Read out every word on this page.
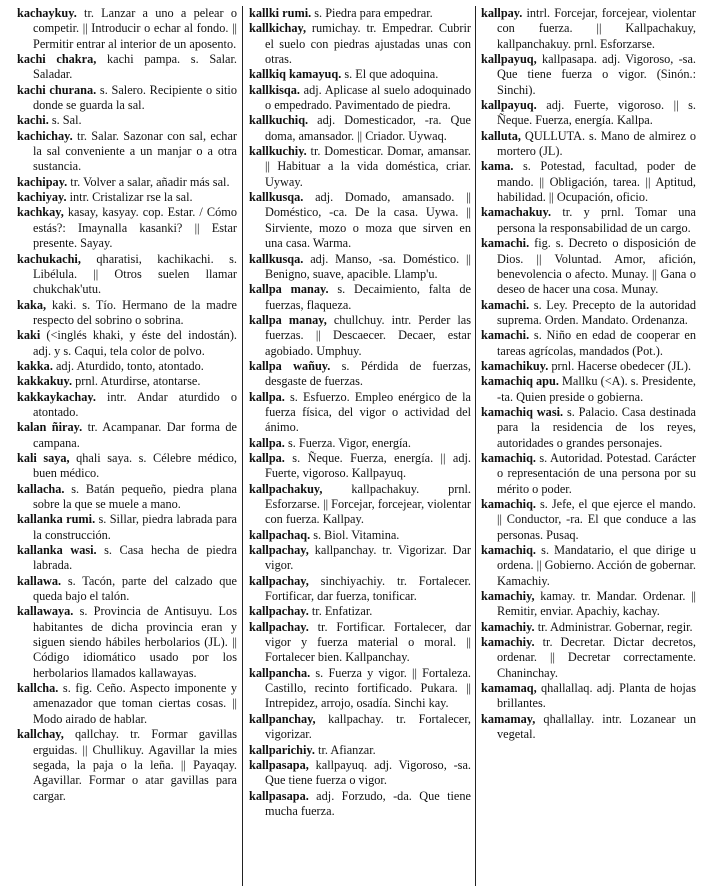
kachaykuy. tr. Lanzar a uno a pelear o competir. || Introducir o echar al fondo. || Permitir entrar al interior de un aposento.

kachi chakra, kachi pampa. s. Salar. Saladar.

kachi churana. s. Salero. Recipiente o sitio donde se guarda la sal.

kachi. s. Sal.

kachichay. tr. Salar. Sazonar con sal, echar la sal conveniente a un manjar o a otra sustancia.

kachipay. tr. Volver a salar, añadir más sal.

kachiyay. intr. Cristalizar rse la sal.

kachkay, kasay, kasyay. cop. Estar. / Cómo estás?: Imaynalla kasanki? || Estar presente. Sayay.

kachukachi, qharatisi, kachikachi. s. Libélula. || Otros suelen llamar chukchak'utu.

kaka, kaki. s. Tío. Hermano de la madre respecto del sobrino o sobrina.

kaki (<inglés khaki, y éste del indostán). adj. y s. Caqui, tela color de polvo.

kakka. adj. Aturdido, tonto, atontado.

kakkakuy. prnl. Aturdirse, atontarse.

kakkaykachay. intr. Andar aturdido o atontado.

kalan ñiray. tr. Acampanar. Dar forma de campana.

kali saya, qhali saya. s. Célebre médico, buen médico.

kallacha. s. Batán pequeño, piedra plana sobre la que se muele a mano.

kallanka rumi. s. Sillar, piedra labrada para la construcción.

kallanka wasi. s. Casa hecha de piedra labrada.

kallawa. s. Tacón, parte del calzado que queda bajo el talón.

kallawaya. s. Provincia de Antisuyu. Los habitantes de dicha provincia eran y siguen siendo hábiles herbolarios (JL). || Código idiomático usado por los herbolarios llamados kallawayas.

kallcha. s. fig. Ceño. Aspecto imponente y amenazador que toman ciertas cosas. || Modo airado de hablar.

kallchay, qallchay. tr. Formar gavillas erguidas. || Chullikuy. Agavillar la mies segada, la paja o la leña. || Payaqay. Agavillar. Formar o atar gavillas para cargar.

kallki rumi. s. Piedra para empedrar.

kallkichay, rumichay. tr. Empedrar. Cubrir el suelo con piedras ajustadas unas con otras.

kallkiq kamayuq. s. El que adoquina.

kallkisqa. adj. Aplicase al suelo adoquinado o empedrado. Pavimentado de piedra.

kallkuchiq. adj. Domesticador, -ra. Que doma, amansador. || Criador. Uywaq.

kallkuchiy. tr. Domesticar. Domar, amansar. || Habituar a la vida doméstica, criar. Uyway.

kallkusqa. adj. Domado, amansado. || Doméstico, -ca. De la casa. Uywa. || Sirviente, mozo o moza que sirven en una casa. Warma.

kallkusqa. adj. Manso, -sa. Doméstico. || Benigno, suave, apacible. Llamp'u.

kallpa manay. s. Decaimiento, falta de fuerzas, flaqueza.

kallpa manay, chullchuy. intr. Perder las fuerzas. || Descaecer. Decaer, estar agobiado. Umphuy.

kallpa wañuy. s. Pérdida de fuerzas, desgaste de fuerzas.

kallpa. s. Esfuerzo. Empleo enérgico de la fuerza física, del vigor o actividad del ánimo.

kallpa. s. Fuerza. Vigor, energía.

kallpa. s. Ñeque. Fuerza, energía. || adj. Fuerte, vigoroso. Kallpayuq.

kallpachakuy, kallpachakuy. prnl. Esforzarse. || Forcejar, forcejear, violentar con fuerza. Kallpay.

kallpachaq. s. Biol. Vitamina.

kallpachay, kallpanchay. tr. Vigorizar. Dar vigor.

kallpachay, sinchiyachiy. tr. Fortalecer. Fortificar, dar fuerza, tonificar.

kallpachay. tr. Enfatizar.

kallpachay. tr. Fortificar. Fortalecer, dar vigor y fuerza material o moral. || Fortalecer bien. Kallpanchay.

kallpancha. s. Fuerza y vigor. || Fortaleza. Castillo, recinto fortificado. Pukara. || Intrepidez, arrojo, osadía. Sinchi kay.

kallpanchay, kallpachay. tr. Fortalecer, vigorizar.

kallparichiy. tr. Afianzar.

kallpasapa, kallpayuq. adj. Vigoroso, -sa. Que tiene fuerza o vigor.

kallpasapa. adj. Forzudo, -da. Que tiene mucha fuerza.

kallpay. intrl. Forcejar, forcejear, violentar con fuerza. || Kallpachakuy, kallpanchakuy. prnl. Esforzarse.

kallpayuq, kallpasapa. adj. Vigoroso, -sa. Que tiene fuerza o vigor. (Sinón.: Sinchi).

kallpayuq. adj. Fuerte, vigoroso. || s. Ñeque. Fuerza, energía. Kallpa.

kalluta, QULLUTA. s. Mano de almirez o mortero (JL).

kama. s. Potestad, facultad, poder de mando. || Obligación, tarea. || Aptitud, habilidad. || Ocupación, oficio.

kamachakuy. tr. y prnl. Tomar una persona la responsabilidad de un cargo.

kamachi. fig. s. Decreto o disposición de Dios. || Voluntad. Amor, afición, benevolencia o afecto. Munay. || Gana o deseo de hacer una cosa. Munay.

kamachi. s. Ley. Precepto de la autoridad suprema. Orden. Mandato. Ordenanza.

kamachi. s. Niño en edad de cooperar en tareas agrícolas, mandados (Pot.).

kamachikuy. prnl. Hacerse obedecer (JL).

kamachiq apu. Mallku (<A). s. Presidente, -ta. Quien preside o gobierna.

kamachiq wasi. s. Palacio. Casa destinada para la residencia de los reyes, autoridades o grandes personajes.

kamachiq. s. Autoridad. Potestad. Carácter o representación de una persona por su mérito o poder.

kamachiq. s. Jefe, el que ejerce el mando. || Conductor, -ra. El que conduce a las personas. Pusaq.

kamachiq. s. Mandatario, el que dirige u ordena. || Gobierno. Acción de gobernar. Kamachiy.

kamachiy, kamay. tr. Mandar. Ordenar. || Remitir, enviar. Apachiy, kachay.

kamachiy. tr. Administrar. Gobernar, regir.

kamachiy. tr. Decretar. Dictar decretos, ordenar. || Decretar correctamente. Chaninchay.

kamamaq, qhallallaq. adj. Planta de hojas brillantes.

kamamay, qhallallay. intr. Lozanear un vegetal.
